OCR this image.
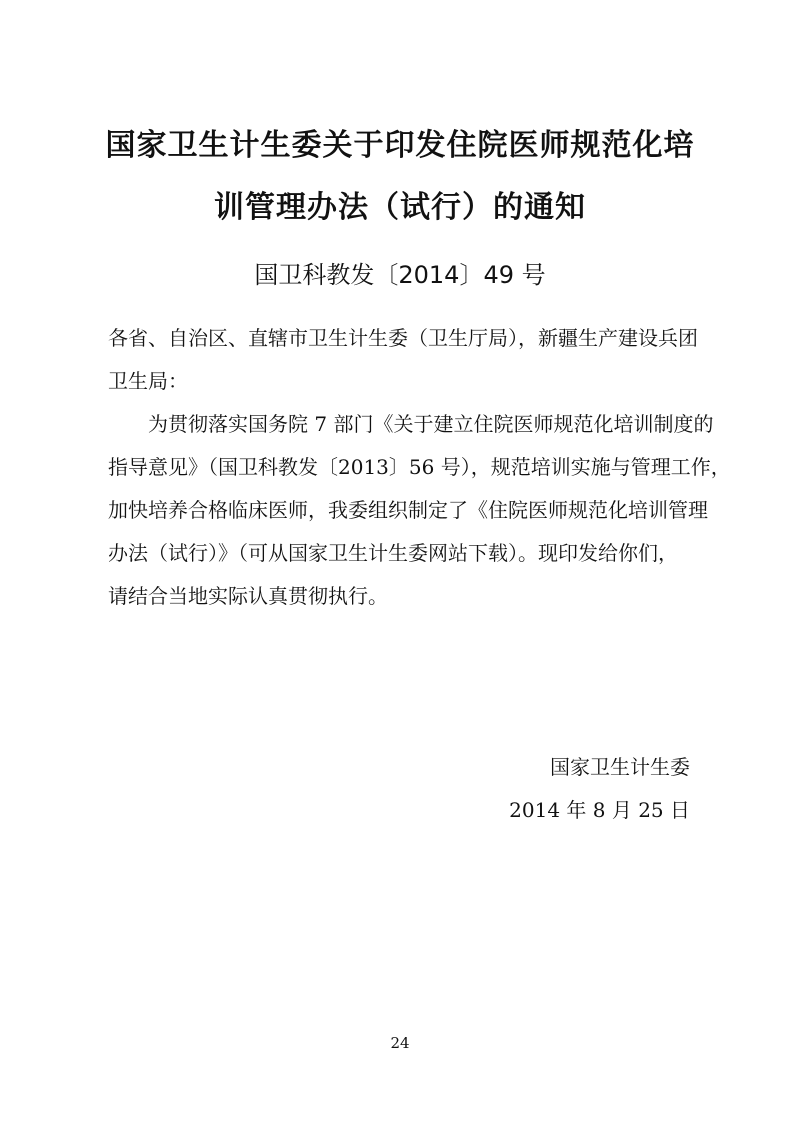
国家卫生计生委关于印发住院医师规范化培
训管理办法（试行）的通知
国卫科教发〔2014〕49 号
各省、自治区、直辖市卫生计生委（卫生厅局），新疆生产建设兵团
卫生局：
为贯彻落实国务院 7 部门《关于建立住院医师规范化培训制度的
指导意见》（国卫科教发〔2013〕56 号），规范培训实施与管理工作，
加快培养合格临床医师，我委组织制定了《住院医师规范化培训管理
办法（试行）》（可从国家卫生计生委网站下载）。现印发给你们，
请结合当地实际认真贯彻执行。
国家卫生计生委
2014 年 8 月 25 日
24
